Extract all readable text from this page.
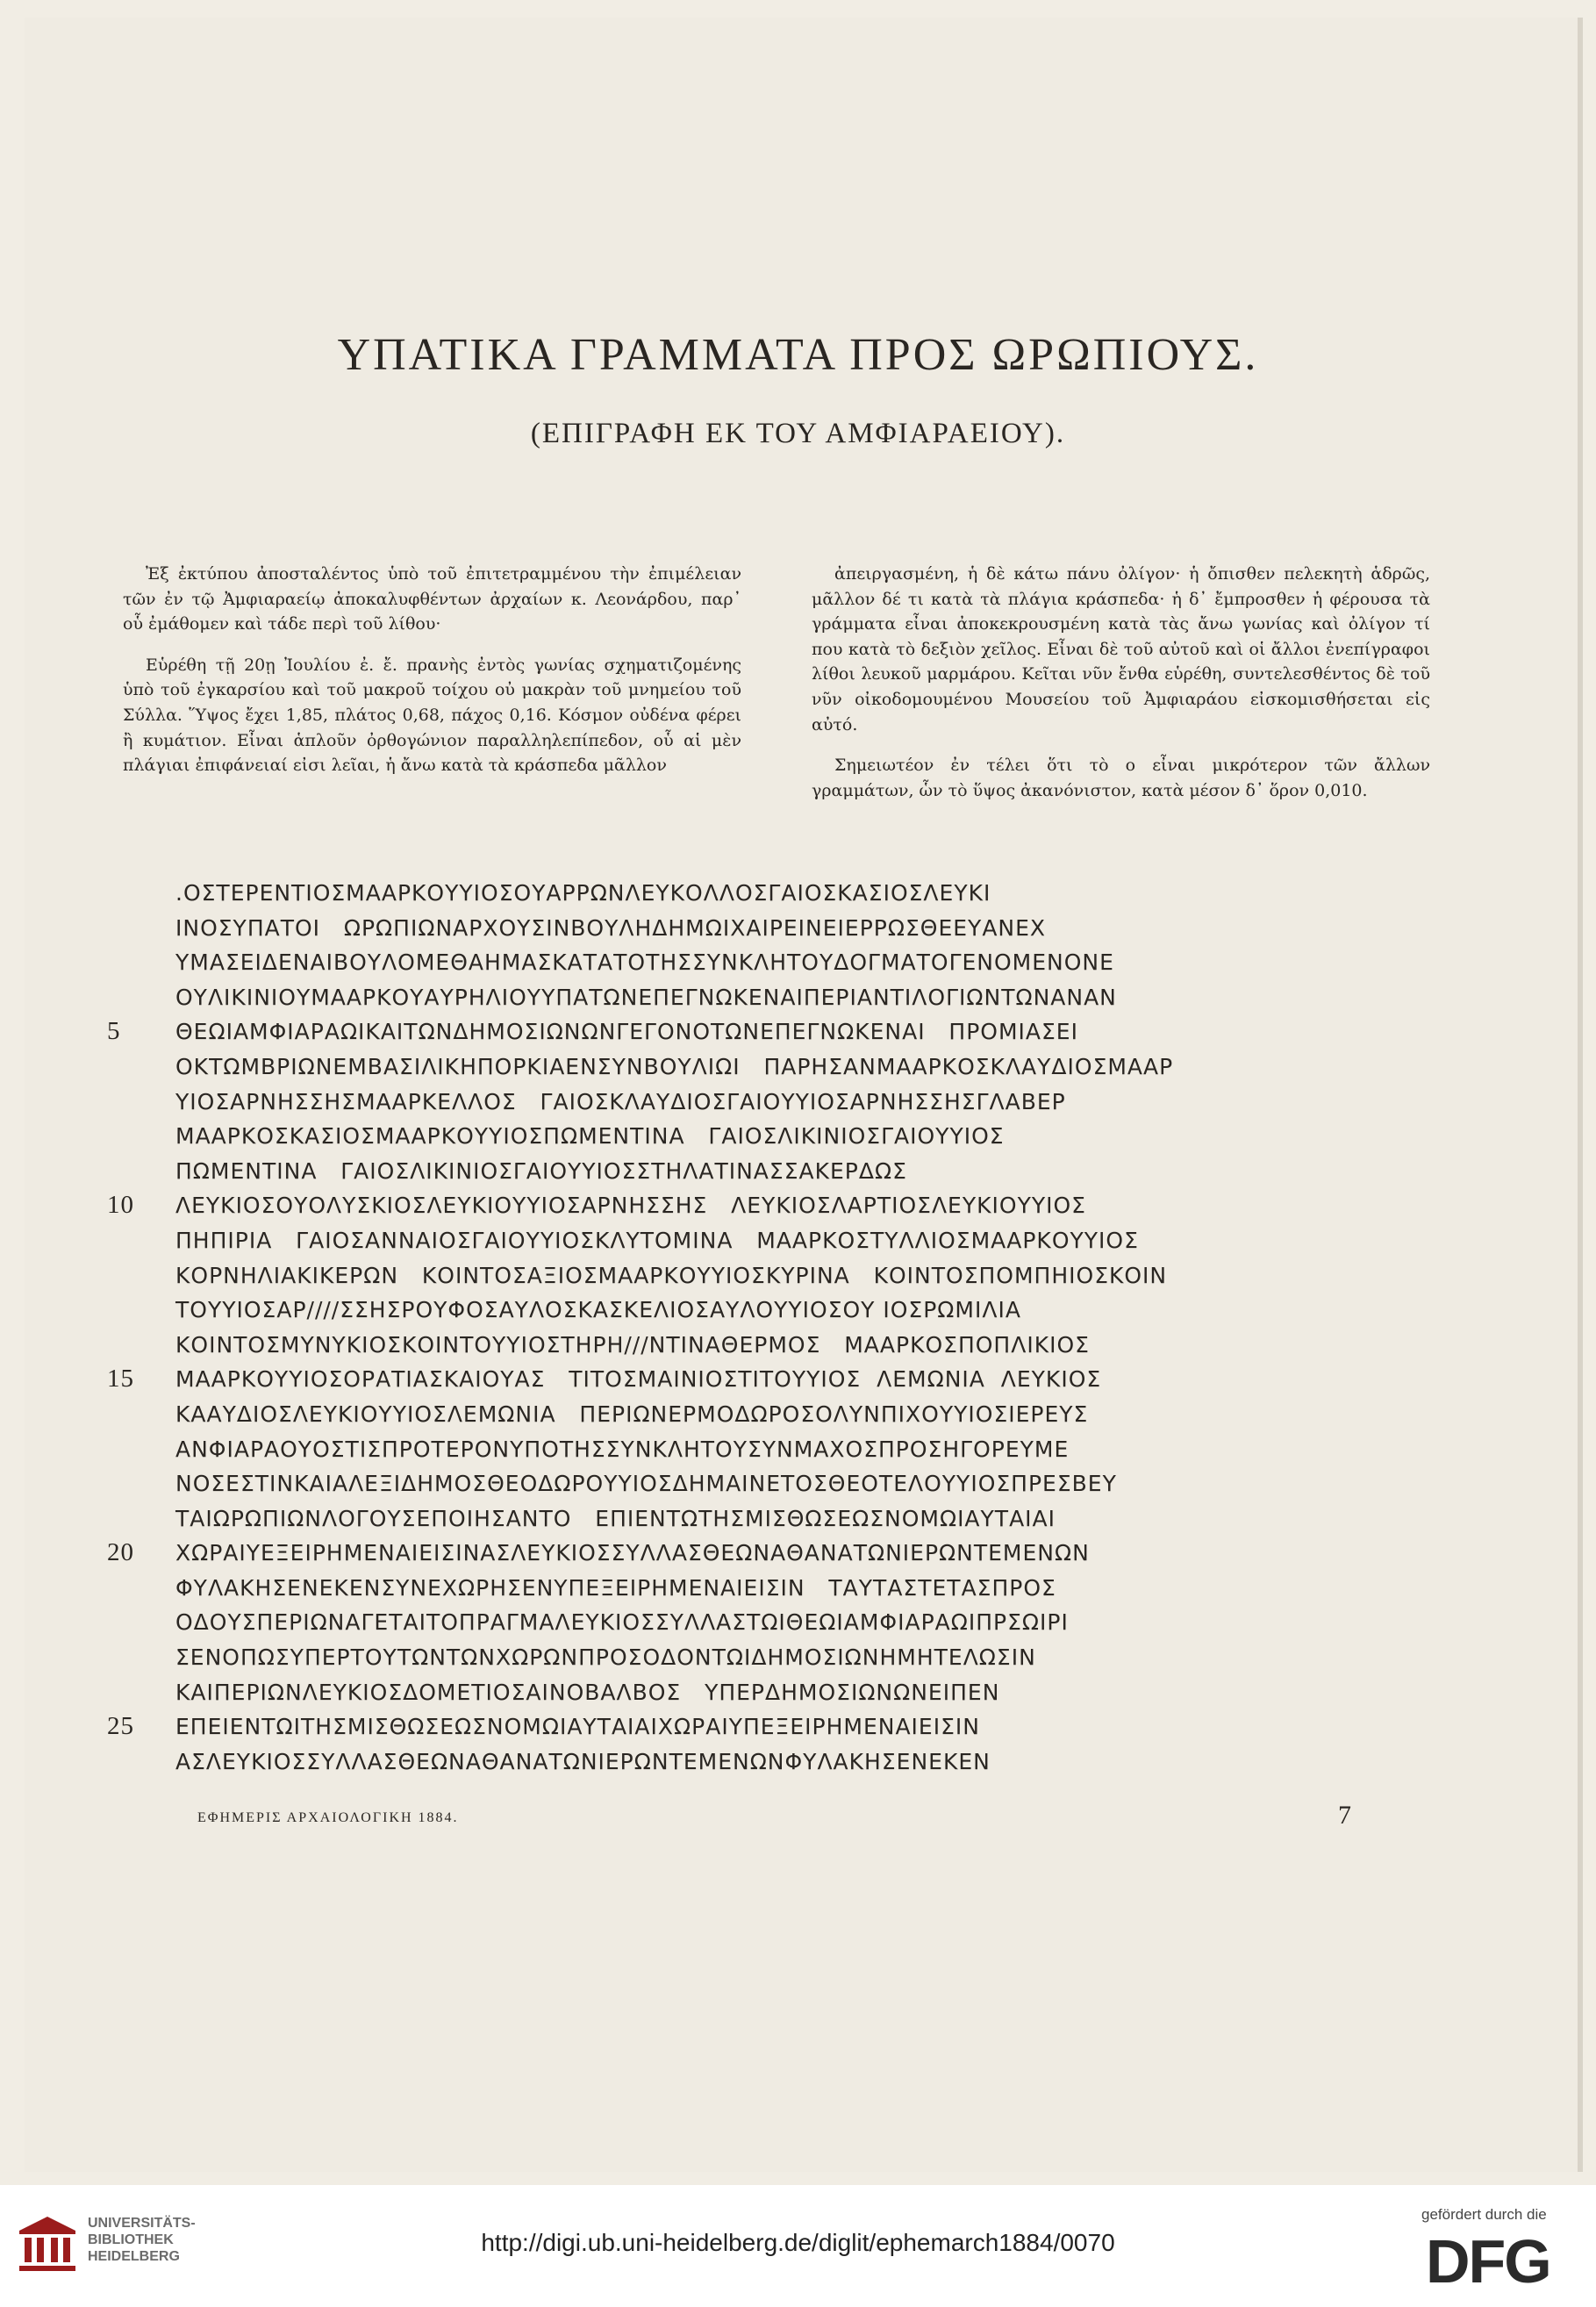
ΥΠΑΤΙΚΑ ΓΡΑΜΜΑΤΑ ΠΡΟΣ ΩΡΩΠΙΟΥΣ.
(ΕΠΙΓΡΑΦΗ ΕΚ ΤΟΥ ΑΜΦΙΑΡΑΕΙΟΥ).

Ἐξ ἐκτύπου ἀποσταλέντος ὑπὸ τοῦ ἐπιτετραμμένου τὴν ἐπιμέλειαν τῶν ἐν τῷ Ἀμφιαραείῳ ἀποκαλυφθέντων ἀρχαίων κ. Λεονάρδου, παρ᾽ οὗ ἐμάθομεν καὶ τάδε περὶ τοῦ λίθου·

Εὑρέθη τῇ 20ῃ Ἰουλίου ἐ. ἔ. πρανὴς ἐντὸς γωνίας σχηματιζομένης ὑπὸ τοῦ ἐγκαρσίου καὶ τοῦ μακροῦ τοίχου οὐ μακρὰν τοῦ μνημείου τοῦ Σύλλα. Ὕψος ἔχει 1,85, πλάτος 0,68, πάχος 0,16. Κόσμον οὐδένα φέρει ἢ κυμάτιον. Εἶναι ἁπλοῦν ὀρθογώνιον παραλληλεπίπεδον, οὗ αἱ μὲν πλάγιαι ἐπιφάνειαί εἰσι λεῖαι, ἡ ἄνω κατὰ τὰ κράσπεδα μᾶλλον

ἀπειργασμένη, ἡ δὲ κάτω πάνυ ὀλίγον· ἡ ὄπισθεν πελεκητὴ ἁδρῶς, μᾶλλον δέ τι κατὰ τὰ πλάγια κράσπεδα· ἡ δ᾽ ἔμπροσθεν ἡ φέρουσα τὰ γράμματα εἶναι ἀποκεκρουσμένη κατὰ τὰς ἄνω γωνίας καὶ ὀλίγον τί που κατὰ τὸ δεξιὸν χεῖλος. Εἶναι δὲ τοῦ αὐτοῦ καὶ οἱ ἄλλοι ἐνεπίγραφοι λίθοι λευκοῦ μαρμάρου. Κεῖται νῦν ἔνθα εὑρέθη, συντελεσθέντος δὲ τοῦ νῦν οἰκοδομουμένου Μουσείου τοῦ Ἀμφιαράου εἰσκομισθήσεται εἰς αὐτό.

Σημειωτέον ἐν τέλει ὅτι τὸ ο εἶναι μικρότερον τῶν ἄλλων γραμμάτων, ὧν τὸ ὕψος ἀκανόνιστον, κατὰ μέσον δ᾽ ὅρον 0,010.

.ΟΣΤΕΡΕΝΤΙΟΣΜΑΑΡΚΟΥΥΙΟΣΟΥΑΡΡΩΝΛΕΥΚΟΛΛΟΣΓΑΙΟΣΚΑΣΙΟΣΛΕΥΚΙ
ΙΝΟΣΥΠΑΤΟΙ   ΩΡΩΠΙΩΝΑΡΧΟΥΣΙΝΒΟΥΛΗΔΗΜΩΙΧΑΙΡΕΙΝΕΙΕΡΡΩΣΘΕΕΥΑΝΕΧ
ΥΜΑΣΕΙΔΕΝΑΙΒΟΥΛΟΜΕΘΑΗΜΑΣΚΑΤΑΤΟΤΗΣΣΥΝΚΛΗΤΟΥΔΟΓΜΑΤΟΓΕΝΟΜΕΝΟΝΕ
ΟΥΛΙΚΙΝΙΟΥΜΑΑΡΚΟΥΑΥΡΗΛΙΟΥΥΠΑΤΩΝΕΠΕΓΝΩΚΕΝΑΙΠΕΡΙΑΝΤΙΛΟΓΙΩΝΤΩΝΑΝΑΝ
5	ΘΕΩΙΑΜΦΙΑΡΑΩΙΚΑΙΤΩΝΔΗΜΟΣΙΩΝΩΝΓΕΓΟΝΟΤΩΝΕΠΕΓΝΩΚΕΝΑΙ   ΠΡΟΜΙΑΣΕΙ
ΟΚΤΩΜΒΡΙΩΝΕΜΒΑΣΙΛΙΚΗΠΟΡΚΙΑΕΝΣΥΝΒΟΥΛΙΩΙ   ΠΑΡΗΣΑΝΜΑΑΡΚΟΣΚΛΑΥΔΙΟΣΜΑΑΡ
ΥΙΟΣΑΡΝΗΣΣΗΣΜΑΑΡΚΕΛΛΟΣ   ΓΑΙΟΣΚΛΑΥΔΙΟΣΓΑΙΟΥΥΙΟΣΑΡΝΗΣΣΗΣΓΛΑΒΕΡ
ΜΑΑΡΚΟΣΚΑΣΙΟΣΜΑΑΡΚΟΥΥΙΟΣΠΩΜΕΝΤΙΝΑ   ΓΑΙΟΣΛΙΚΙΝΙΟΣΓΑΙΟΥΥΙΟΣ
ΠΩΜΕΝΤΙΝΑ   ΓΑΙΟΣΛΙΚΙΝΙΟΣΓΑΙΟΥΥΙΟΣΣΤΗΛΑΤΙΝΑΣΣΑΚΕΡΔΩΣ
10 ΛΕΥΚΙΟΣΟΥΟΛΥΣΚΙΟΣΛΕΥΚΙΟΥΥΙΟΣΑΡΝΗΣΣΗΣ   ΛΕΥΚΙΟΣΛΑΡΤΙΟΣΛΕΥΚΙΟΥΥΙΟΣ
ΠΗΠΙΡΙΑ   ΓΑΙΟΣΑΝΝΑΙΟΣΓΑΙΟΥΥΙΟΣΚΛΥΤΟΜΙΝΑ   ΜΑΑΡΚΟΣΤΥΛΛΙΟΣΜΑΑΡΚΟΥΥΙΟΣ
ΚΟΡΝΗΛΙΑΚΙΚΕΡΩΝ   ΚΟΙΝΤΟΣΑΞΙΟΣΜΑΑΡΚΟΥΥΙΟΣΚΥΡΙΝΑ   ΚΟΙΝΤΟΣΠΟΜΠΗΙΟΣΚΟΙΝ
ΤΟΥΥΙΟΣΑΡ////ΣΣΗΣΡΟΥΦΟΣΑΥΛΟΣΚΑΣΚΕΛΙΟΣΑΥΛΟΥΥΙΟΣΟΥ ΙΟΣΡΩΜΙΛΙΑ
ΚΟΙΝΤΟΣΜΥΝΥΚΙΟΣΚΟΙΝΤΟΥΥΙΟΣΤΗΡΗ///ΝΤΙΝΑΘΕΡΜΟΣ   ΜΑΑΡΚΟΣΠΟΠΛΙΚΙΟΣ
15 ΜΑΑΡΚΟΥΥΙΟΣΟΡΑΤΙΑΣΚΑΙΟΥΑΣ   ΤΙΤΟΣΜΑΙΝΙΟΣΤΙΤΟΥΥΙΟΣ  ΛΕΜΩΝΙΑ  ΛΕΥΚΙΟΣ
ΚΑΑΥΔΙΟΣΛΕΥΚΙΟΥΥΙΟΣΛΕΜΩΝΙΑ   ΠΕΡΙΩΝΕΡΜΟΔΩΡΟΣΟΛΥΝΠΙΧΟΥΥΙΟΣΙΕΡΕΥΣ
ΑΝΦΙΑΡΑΟΥΟΣΤΙΣΠΡΟΤΕΡΟΝΥΠΟΤΗΣΣΥΝΚΛΗΤΟΥΣΥΝΜΑΧΟΣΠΡΟΣΗΓΟΡΕΥΜΕ
ΝΟΣΕΣΤΙΝΚΑΙΑΛΕΞΙΔΗΜΟΣΘΕΟΔΩΡΟΥΥΙΟΣΔΗΜΑΙΝΕΤΟΣΘΕΟΤΕΛΟΥΥΙΟΣΠΡΕΣΒΕΥ
ΤΑΙΩΡΩΠΙΩΝΛΟΓΟΥΣΕΠΟΙΗΣΑΝΤΟ   ΕΠΙΕΝΤΩΤΗΣΜΙΣΘΩΣΕΩΣΝΟΜΩΙΑΥΤΑΙΑΙ
20 ΧΩΡΑΙΥΕΞΕΙΡΗΜΕΝΑΙΕΙΣΙΝΑΣΛΕΥΚΙΟΣΣΥΛΛΑΣΘΕΩΝΑΘΑΝΑΤΩΝΙΕΡΩΝΤΕΜΕΝΩΝ
ΦΥΛΑΚΗΣΕΝΕΚΕΝΣΥΝΕΧΩΡΗΣΕΝΥΠΕΞΕΙΡΗΜΕΝΑΙΕΙΣΙΝ   ΤΑΥΤΑΣΤΕΤΑΣΠΡΟΣ
ΟΔΟΥΣΠΕΡΙΩΝΑΓΕΤΑΙΤΟΠΡΑΓΜΑΛΕΥΚΙΟΣΣΥΛΛΑΣΤΩΙΘΕΩΙΑΜΦΙΑΡΑΩΙΠΡΣΩΙΡΙ
ΣΕΝΟΠΩΣΥΠΕΡΤΟΥΤΩΝΤΩΝΧΩΡΩΝΠΡΟΣΟΔΟΝΤΩΙΔΗΜΟΣΙΩΝΗΜΗΤΕΛΩΣΙΝ
ΚΑΙΠΕΡΙΩΝΛΕΥΚΙΟΣΔΟΜΕΤΙΟΣΑΙΝΟΒΑΛΒΟΣ   ΥΠΕΡΔΗΜΟΣΙΩΝΩΝΕΙΠΕΝ
25 ΕΠΕΙΕΝΤΩΙΤΗΣΜΙΣΘΩΣΕΩΣΝΟΜΩΙΑΥΤΑΙΑΙΧΩΡΑΙΥΠΕΞΕΙΡΗΜΕΝΑΙΕΙΣΙΝ
ΑΣΛΕΥΚΙΟΣΣΥΛΛΑΣΘΕΩΝΑΘΑΝΑΤΩΝΙΕΡΩΝΤΕΜΕΝΩΝΦΥΛΑΚΗΣΕΝΕΚΕΝ
ΕΦΗΜΕΡΙΣ ΑΡΧΑΙΟΛΟΓΙΚΗ 1884.	7
UNIVERSITÄTS-
BIBLIOTHEK
HEIDELBERG
http://digi.ub.uni-heidelberg.de/diglit/ephemarch1884/0070
gefördert durch die
DFG
